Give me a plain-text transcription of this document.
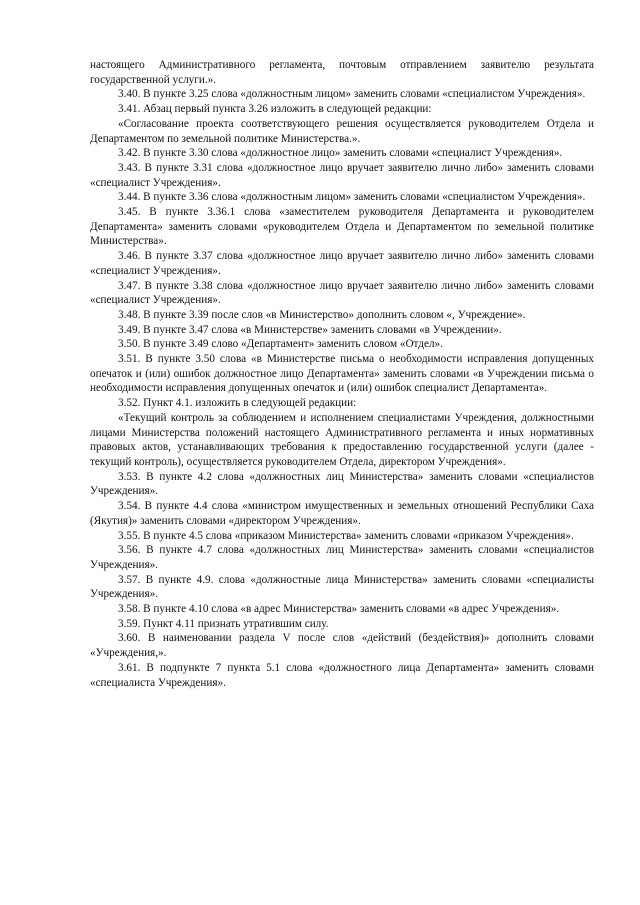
настоящего Административного регламента, почтовым отправлением заявителю результата государственной услуги.».

3.40. В пункте 3.25 слова «должностным лицом» заменить словами «специалистом Учреждения».

3.41. Абзац первый пункта 3.26 изложить в следующей редакции:

«Согласование проекта соответствующего решения осуществляется руководителем Отдела и Департаментом по земельной политике Министерства.».

3.42. В пункте 3.30 слова «должностное лицо» заменить словами «специалист Учреждения».

3.43. В пункте 3.31 слова «должностное лицо вручает заявителю лично либо» заменить словами «специалист Учреждения».

3.44. В пункте 3.36 слова «должностным лицом» заменить словами «специалистом Учреждения».

3.45. В пункте 3.36.1 слова «заместителем руководителя Департамента и руководителем Департамента» заменить словами «руководителем Отдела и Департаментом по земельной политике Министерства».

3.46. В пункте 3.37 слова «должностное лицо вручает заявителю лично либо» заменить словами «специалист Учреждения».

3.47. В пункте 3.38 слова «должностное лицо вручает заявителю лично либо» заменить словами «специалист Учреждения».

3.48. В пункте 3.39 после слов «в Министерство» дополнить словом «, Учреждение».

3.49. В пункте 3.47 слова «в Министерстве» заменить словами «в Учреждении».

3.50. В пункте 3.49 слово «Департамент» заменить словом «Отдел».

3.51. В пункте 3.50 слова «в Министерстве письма о необходимости исправления допущенных опечаток и (или) ошибок должностное лицо Департамента» заменить словами «в Учреждении письма о необходимости исправления допущенных опечаток и (или) ошибок специалист Департамента».

3.52. Пункт 4.1. изложить в следующей редакции:

«Текущий контроль за соблюдением и исполнением специалистами Учреждения, должностными лицами Министерства положений настоящего Административного регламента и иных нормативных правовых актов, устанавливающих требования к предоставлению государственной услуги (далее - текущий контроль), осуществляется руководителем Отдела, директором Учреждения».

3.53. В пункте 4.2 слова «должностных лиц Министерства» заменить словами «специалистов Учреждения».

3.54. В пункте 4.4 слова «министром имущественных и земельных отношений Республики Саха (Якутия)» заменить словами «директором Учреждения».

3.55. В пункте 4.5 слова «приказом Министерства» заменить словами «приказом Учреждения».

3.56. В пункте 4.7 слова «должностных лиц Министерства» заменить словами «специалистов Учреждения».

3.57. В пункте 4.9. слова «должностные лица Министерства» заменить словами «специалисты Учреждения».

3.58. В пункте 4.10 слова «в адрес Министерства» заменить словами «в адрес Учреждения».

3.59. Пункт 4.11 признать утратившим силу.

3.60. В наименовании раздела V после слов «действий (бездействия)» дополнить словами «Учреждения,».

3.61. В подпункте 7 пункта 5.1 слова «должностного лица Департамента» заменить словами «специалиста Учреждения».
